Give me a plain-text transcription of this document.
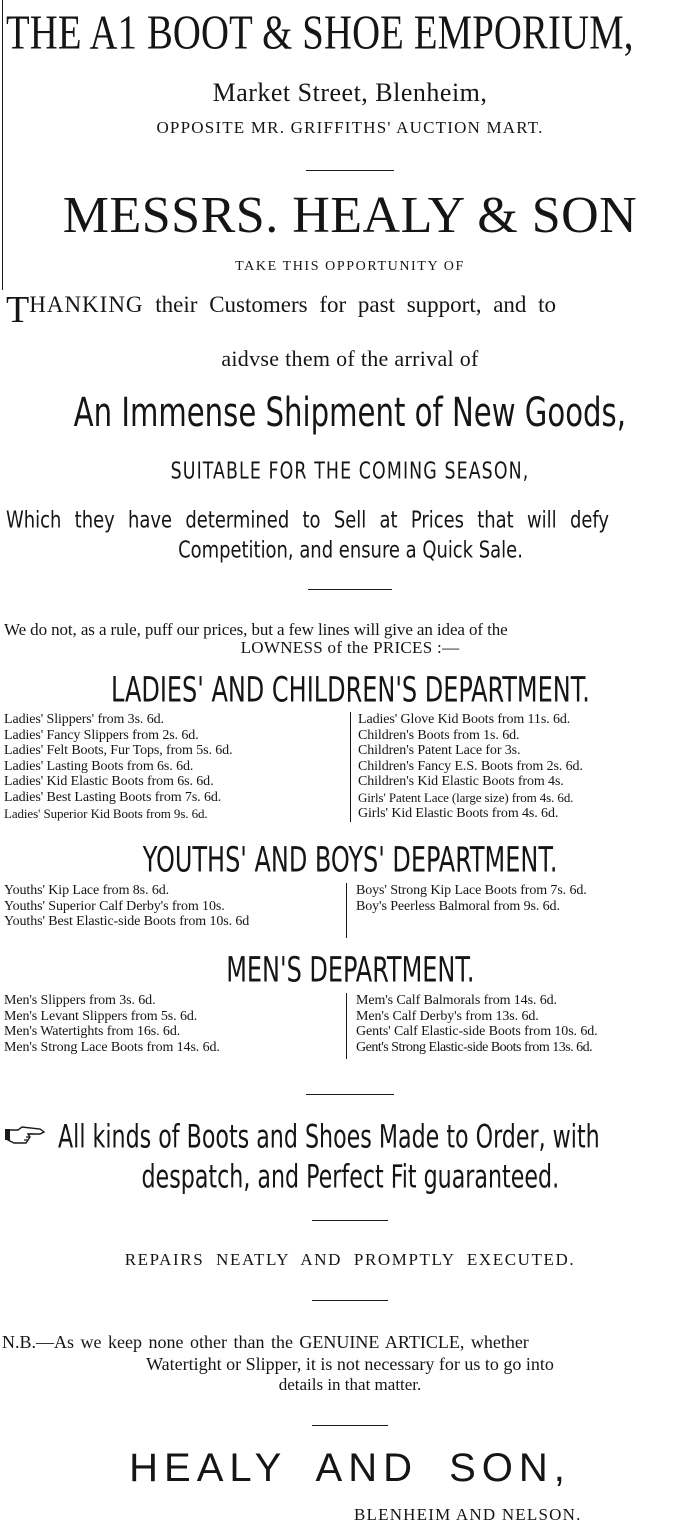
THE A1 BOOT & SHOE EMPORIUM,
Market Street, Blenheim,
OPPOSITE MR. GRIFFITHS' AUCTION MART.
MESSRS. HEALY & SON
TAKE THIS OPPORTUNITY OF
THANKING their Customers for past support, and to
aidvse them of the arrival of
An Immense Shipment of New Goods,
SUITABLE FOR THE COMING SEASON,
Which they have determined to Sell at Prices that will defy
Competition, and ensure a Quick Sale.
We do not, as a rule, puff our prices, but a few lines will give an idea of the
LOWNESS of the PRICES :—
LADIES' AND CHILDREN'S DEPARTMENT.
Ladies' Slippers' from 3s. 6d.
Ladies' Fancy Slippers from 2s. 6d.
Ladies' Felt Boots, Fur Tops, from 5s. 6d.
Ladies' Lasting Boots from 6s. 6d.
Ladies' Kid Elastic Boots from 6s. 6d.
Ladies' Best Lasting Boots from 7s. 6d.
Ladies' Superior Kid Boots from 9s. 6d.
Ladies' Glove Kid Boots from 11s. 6d.
Children's Boots from 1s. 6d.
Children's Patent Lace for 3s.
Children's Fancy E.S. Boots from 2s. 6d.
Children's Kid Elastic Boots from 4s.
Girls' Patent Lace (large size) from 4s. 6d.
Girls' Kid Elastic Boots from 4s. 6d.
YOUTHS' AND BOYS' DEPARTMENT.
Youths' Kip Lace from 8s. 6d.
Youths' Superior Calf Derby's from 10s.
Youths' Best Elastic-side Boots from 10s. 6d
Boys' Strong Kip Lace Boots from 7s. 6d.
Boy's Peerless Balmoral from 9s. 6d.
MEN'S DEPARTMENT.
Men's Slippers from 3s. 6d.
Men's Levant Slippers from 5s. 6d.
Men's Watertights from 16s. 6d.
Men's Strong Lace Boots from 14s. 6d.
Mem's Calf Balmorals from 14s. 6d.
Men's Calf Derby's from 13s. 6d.
Gents' Calf Elastic-side Boots from 10s. 6d.
Gent's Strong Elastic-side Boots from 13s. 6d.
All kinds of Boots and Shoes Made to Order, with
despatch, and Perfect Fit guaranteed.
REPAIRS NEATLY AND PROMPTLY EXECUTED.
N.B.—As we keep none other than the GENUINE ARTICLE, whether
Watertight or Slipper, it is not necessary for us to go into
details in that matter.
HEALY AND SON,
BLENHEIM AND NELSON.
